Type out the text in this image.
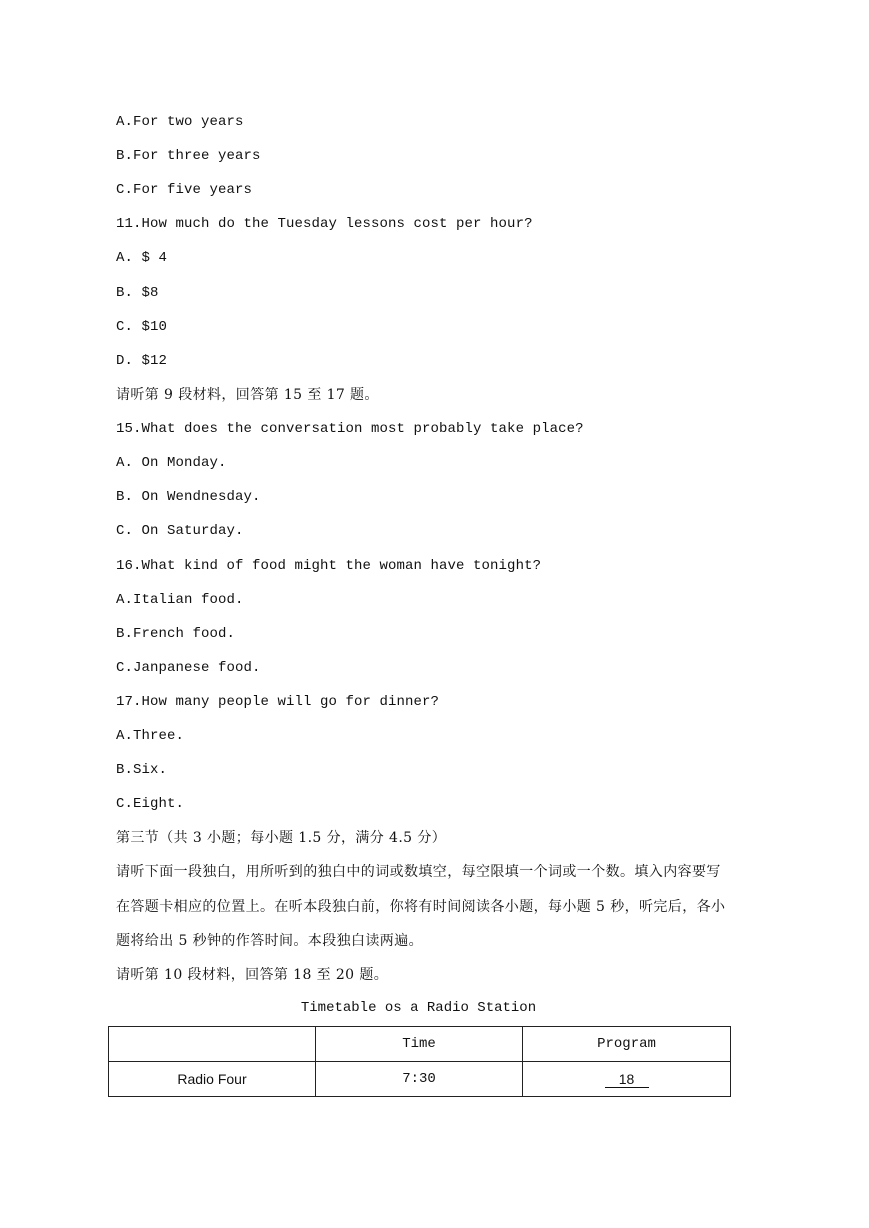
A.For two years
B.For three years
C.For five years
11.How much do the Tuesday lessons cost per hour?
A. $ 4
B. $8
C. $10
D. $12
请听第 9 段材料，回答第 15 至 17 题。
15.What does the conversation most probably take place?
A. On Monday.
B. On Wendnesday.
C. On Saturday.
16.What kind of food might the woman have tonight?
A.Italian food.
B.French food.
C.Janpanese food.
17.How many people will go for dinner?
A.Three.
B.Six.
C.Eight.
第三节（共 3 小题；每小题 1.5 分，满分 4.5 分）
请听下面一段独白，用所听到的独白中的词或数填空，每空限填一个词或一个数。填入内容要写
在答题卡相应的位置上。在听本段独白前，你将有时间阅读各小题，每小题 5 秒，听完后，各小
题将给出 5 秒钟的作答时间。本段独白读两遍。
请听第 10 段材料，回答第 18 至 20 题。
Timetable os a Radio Station
	Time	Program
Radio Four	7:30	18
